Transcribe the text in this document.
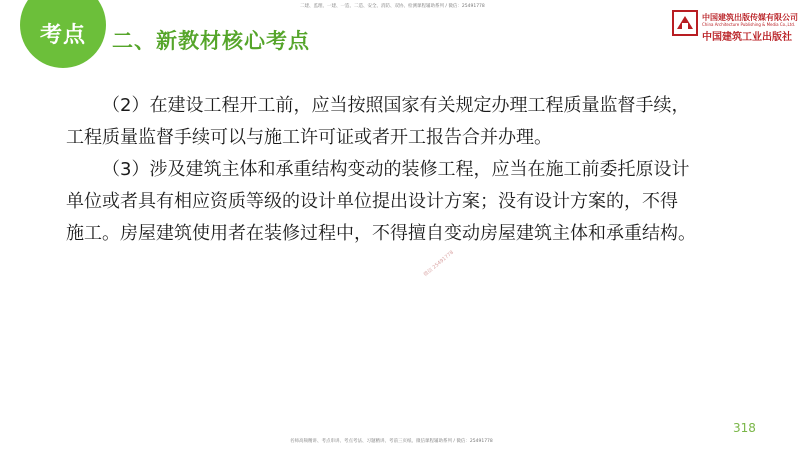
考点	二、新教材核心考点
二建、监理、一建、一造、二造、安全、消防、双协、检测课程辅助系列 / 微信：25491778
中国建筑出版传媒有限公司
China Architecture Publishing & Media Co.,Ltd.
中国建筑工业出版社

（2）在建设工程开工前，应当按照国家有关规定办理工程质量监督手续，

工程质量监督手续可以与施工许可证或者开工报告合并办理。

（3）涉及建筑主体和承重结构变动的装修工程，应当在施工前委托原设计

单位或者具有相应资质等级的设计单位提出设计方案；没有设计方案的，不得

施工。房屋建筑使用者在装修过程中，不得擅自变动房屋建筑主体和承重结构。

微信 25491778
318
名师高频精讲、考点串讲、考点考法、习题精讲、考前三页纸、微信课程辅助系列 / 微信：25491778
